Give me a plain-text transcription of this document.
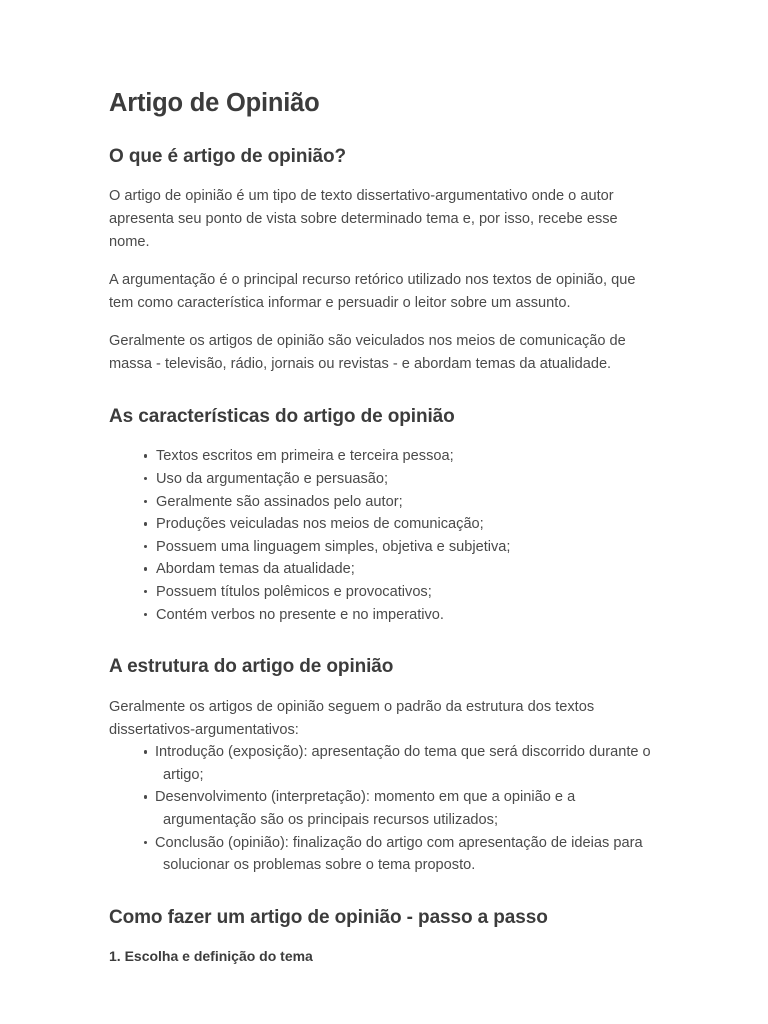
Artigo de Opinião
O que é artigo de opinião?

O artigo de opinião é um tipo de texto dissertativo-argumentativo onde o autor apresenta seu ponto de vista sobre determinado tema e, por isso, recebe esse nome.

A argumentação é o principal recurso retórico utilizado nos textos de opinião, que tem como característica informar e persuadir o leitor sobre um assunto.

Geralmente os artigos de opinião são veiculados nos meios de comunicação de massa - televisão, rádio, jornais ou revistas - e abordam temas da atualidade.

As características do artigo de opinião
Textos escritos em primeira e terceira pessoa;
Uso da argumentação e persuasão;
Geralmente são assinados pelo autor;
Produções veiculadas nos meios de comunicação;
Possuem uma linguagem simples, objetiva e subjetiva;
Abordam temas da atualidade;
Possuem títulos polêmicos e provocativos;
Contém verbos no presente e no imperativo.
A estrutura do artigo de opinião

Geralmente os artigos de opinião seguem o padrão da estrutura dos textos dissertativos-argumentativos:

Introdução (exposição): apresentação do tema que será discorrido durante o artigo;
Desenvolvimento (interpretação): momento em que a opinião e a argumentação são os principais recursos utilizados;
Conclusão (opinião): finalização do artigo com apresentação de ideias para solucionar os problemas sobre o tema proposto.
Como fazer um artigo de opinião - passo a passo
1. Escolha e definição do tema
